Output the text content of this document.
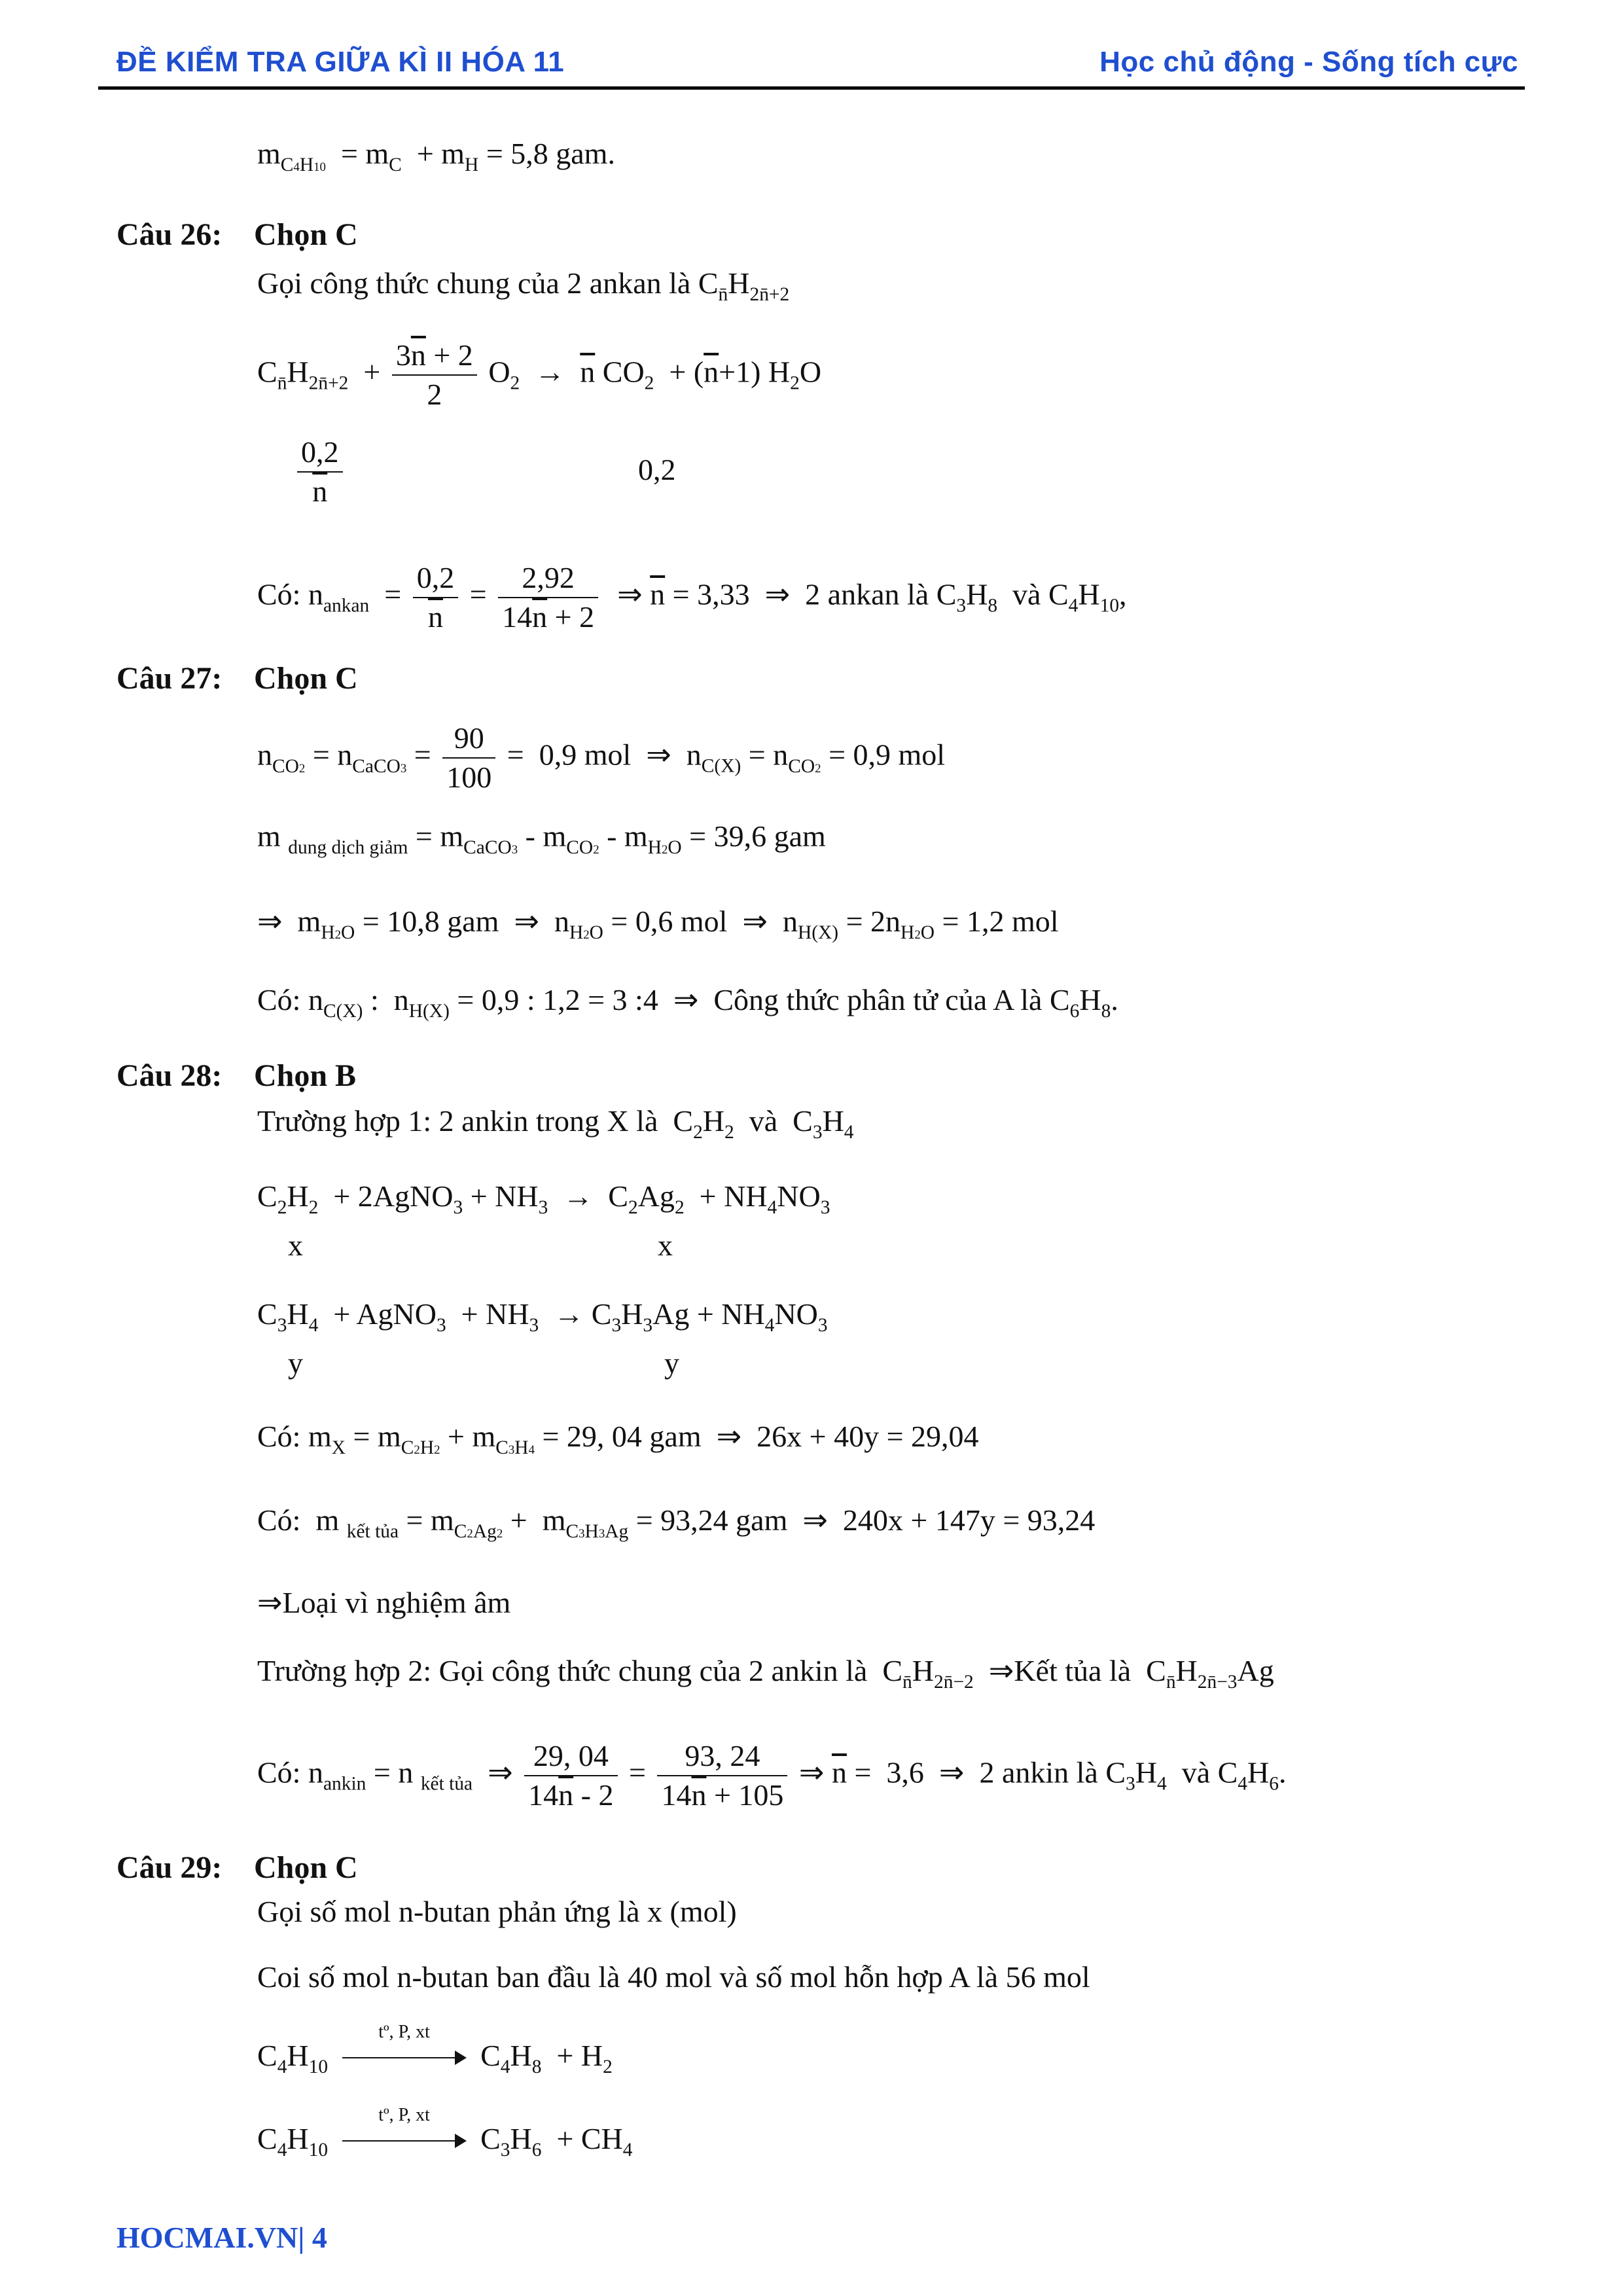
ĐỀ KIỂM TRA GIỮA KÌ II HÓA 11	Học chủ động - Sống tích cực
$m_{C4H10} = m_C + m_H = 5,8$ gam.
Câu 26: Chọn C
Gọi công thức chung của 2 ankan là $C_{n̄}H_{2n̄+2}$
$C_{n̄}H_{2n̄+2} + \frac{3\overline{n} + 2}{2} O_2 \to \overline{n}$ $CO_2 + (\overline{n}+1)$ $H_2O$
$\frac{0,2}{n}$	0,2
Có: $n_{ankan} = \frac{0,2}{n} = \frac{2,92}{14\overline{n} + 2}$ ⇒ $\overline{n} = 3,33$  ⇒  2 ankan là $C_3H_8$  và $C_4H_{10}$,
Câu 27: Chọn C
$n_{CO2} = n_{CaCO3} = \frac{90}{100} = 0,9$ mol  ⇒  $n_{C(X)} = n_{CO2} = 0,9$ mol
m $_{dung dịch giảm} = m_{CaCO3} - m_{CO2} - m_{H2O} = 39,6$ gam
⇒  $m_{H2O} = 10,8$ gam  ⇒  $n_{H2O} = 0,6$ mol  ⇒  $n_{H(X)} = 2n_{H2O} = 1,2$ mol
Có: $n_{C(X)}$ :  $n_{H(X)} = 0,9$ : 1,2 = 3 :4  ⇒  Công thức phân tử của A là $C_6H_8$.
Câu 28: Chọn B
Trường hợp 1: 2 ankin trong X là  $C_2H_2$  và  $C_3H_4$
$C_2H_2$  + 2AgNO$_3$ + $NH_3 \to C_2Ag_2 + NH_4NO_3$
x	x
$C_3H_4$  + AgNO$_3$  + $NH_3 \to C_3H_3Ag + NH_4NO_3$
y	y
Có: $m_X = m_{C2H2} + m_{C3H4} = 29$, 04 gam  ⇒  26x + 40y = 29,04
Có:  m $_{kết tủa} = m_{C2Ag2} + m_{C3H3Ag} = 93,24$ gam  ⇒  240x + 147y = 93,24
⇒Loại vì nghiệm âm
Trường hợp 2: Gọi công thức chung của 2 ankin là  $C_{n̄}H_{2n̄-2}$  ⇒Kết tủa là  $C_{n̄}H_{2n̄-3}Ag$
Có: $n_{ankin} = n$ $_{kết tủa}$  ⇒ $\frac{29, 04}{14\overline{n} - 2} = \frac{93, 24}{14\overline{n} + 105}$ ⇒ $\overline{n} = 3,6$  ⇒  2 ankin là $C_3H_4$  và $C_4H_6$.
Câu 29: Chọn C
Gọi số mol n-butan phản ứng là x (mol)
Coi số mol n-butan ban đầu là 40 mol và số mol hỗn hợp A là 56 mol
$C_4H_{10}$
tº, P, xt
$C_4H_8 + H_2$
$C_4H_{10}$
tº, P, xt
$C_3H_6 + CH_4$
HOCMAI.VN| 4
